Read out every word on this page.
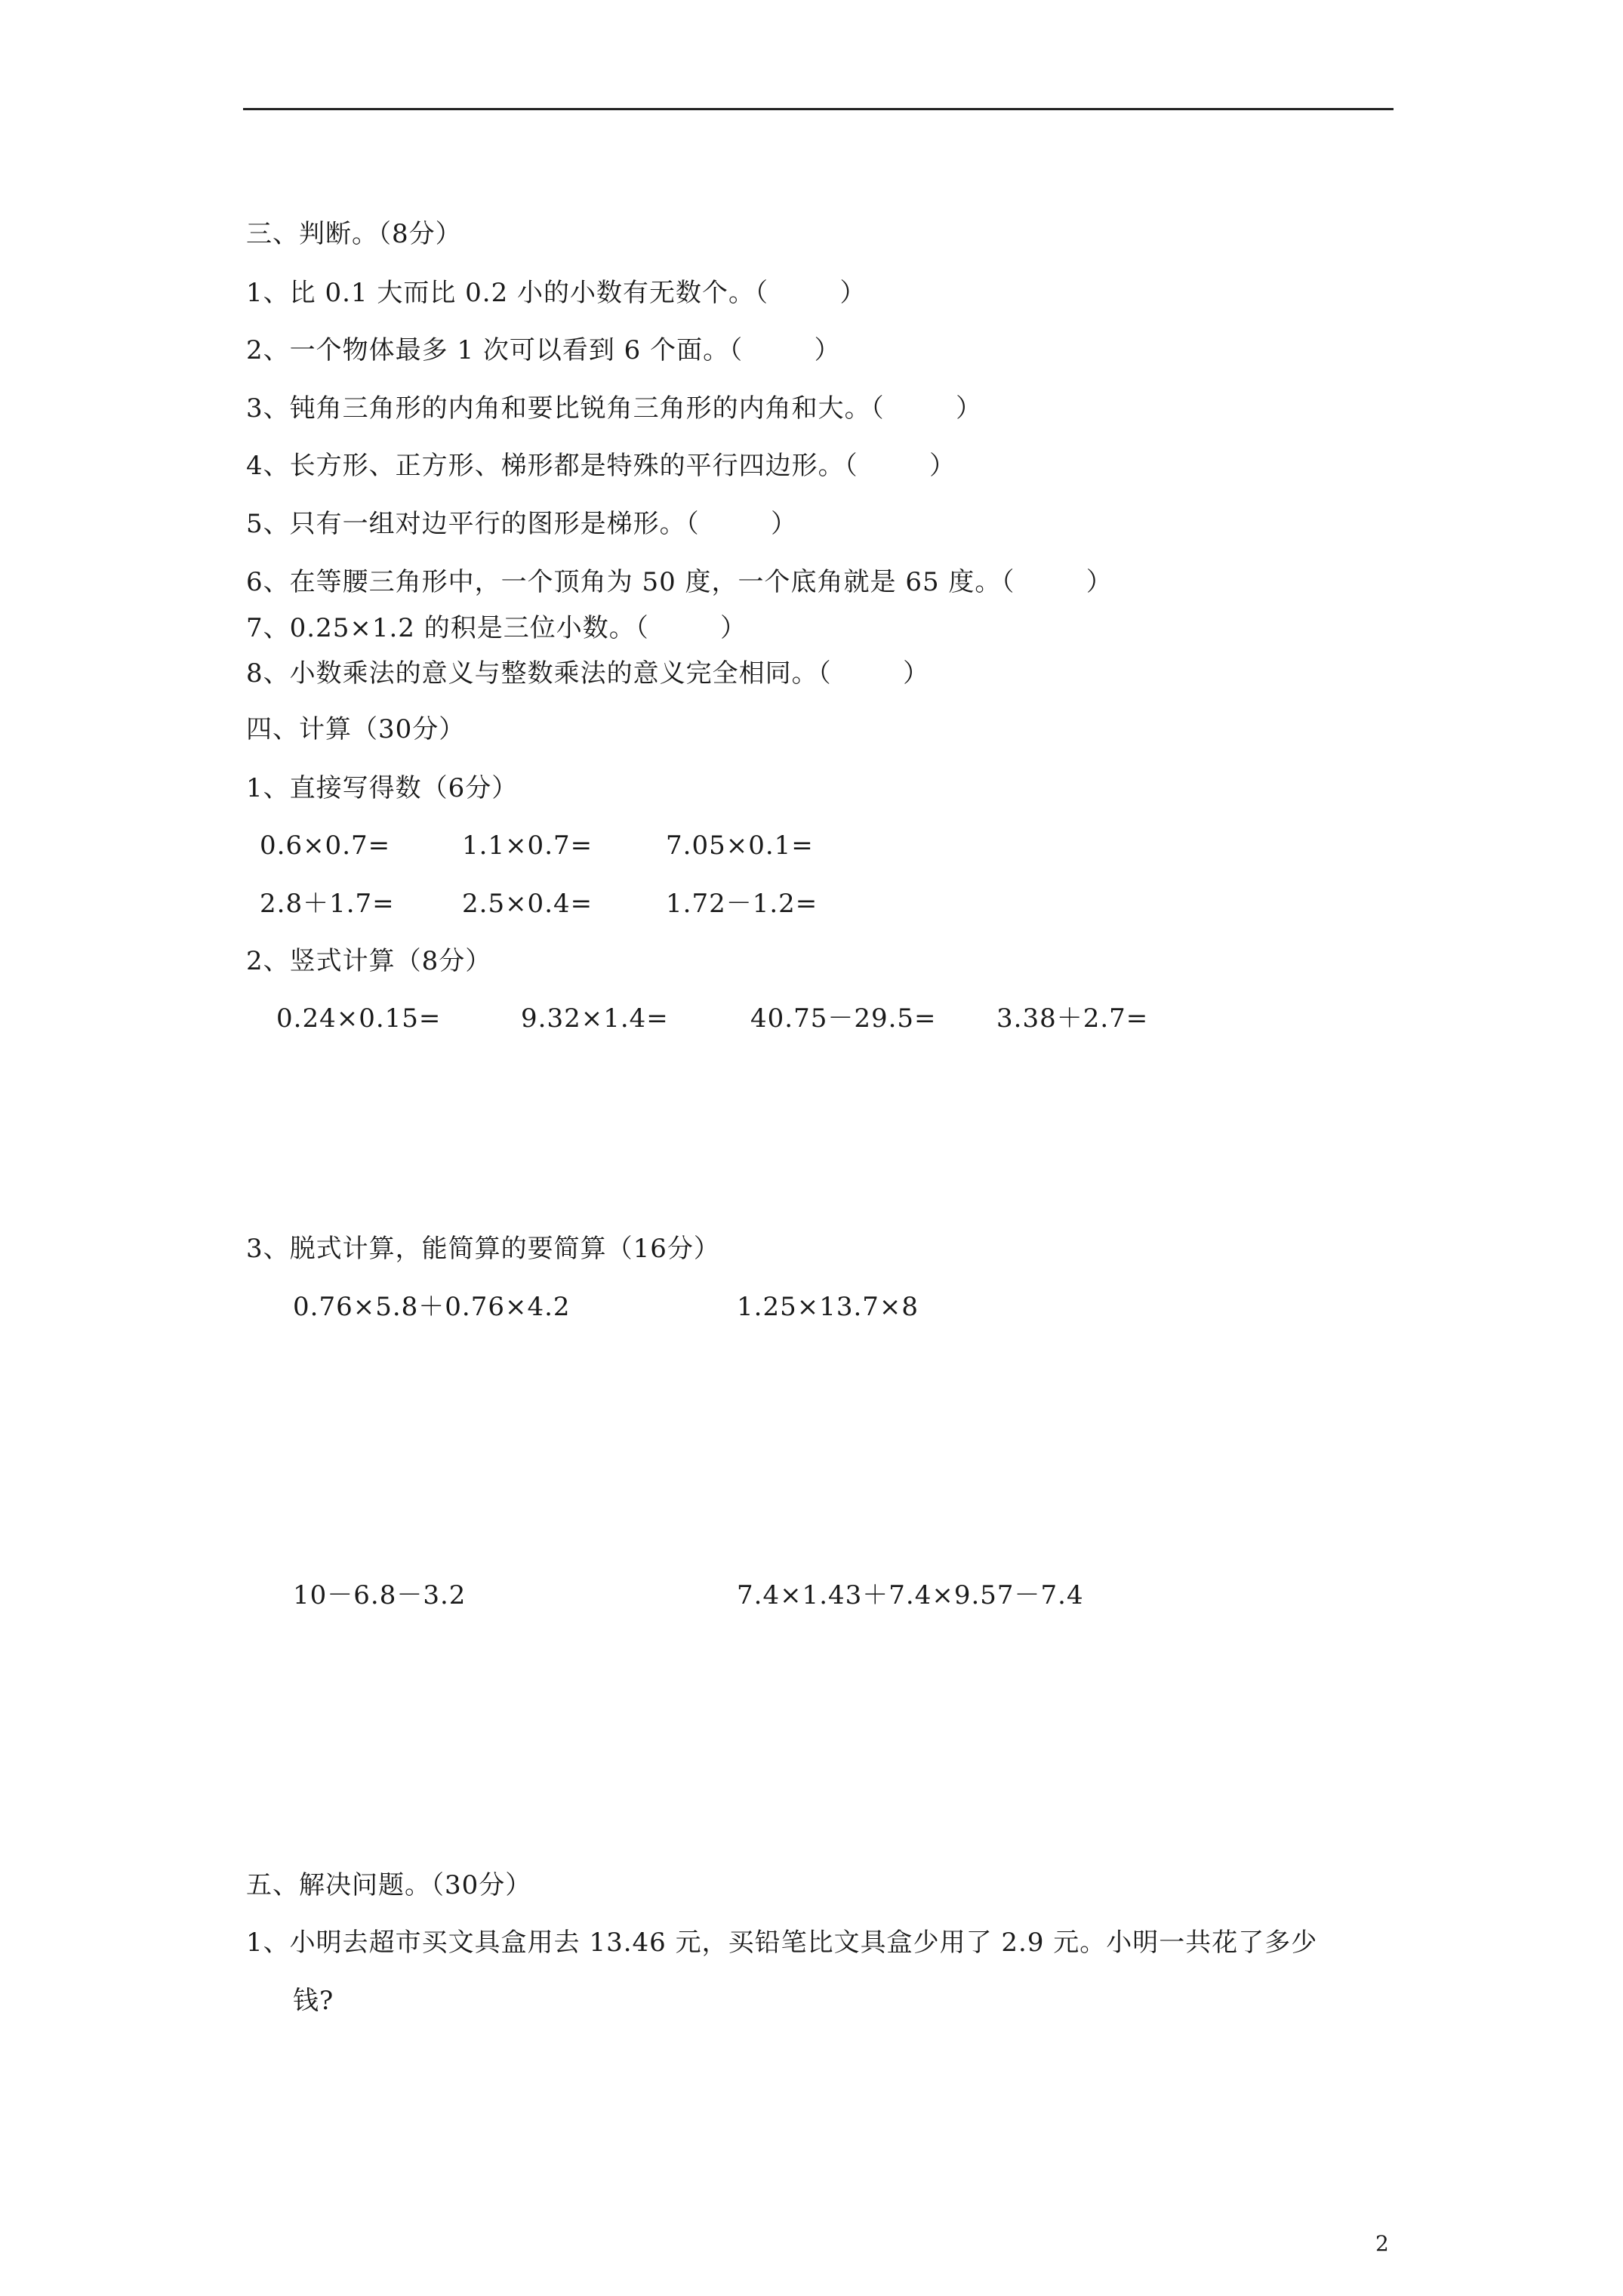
三、判断。（8分）
1、比 0.1 大而比 0.2 小的小数有无数个。（        ）
2、一个物体最多 1 次可以看到 6 个面。（        ）
3、钝角三角形的内角和要比锐角三角形的内角和大。（        ）
4、长方形、正方形、梯形都是特殊的平行四边形。（        ）
5、只有一组对边平行的图形是梯形。（        ）
6、在等腰三角形中，一个顶角为 50 度，一个底角就是 65 度。（        ）
7、0.25×1.2 的积是三位小数。（        ）
8、小数乘法的意义与整数乘法的意义完全相同。（        ）
四、计算（30分）
1、直接写得数（6分）
0.6×0.7=	1.1×0.7=	7.05×0.1=
2.8＋1.7=	2.5×0.4=	1.72－1.2=
2、竖式计算（8分）
0.24×0.15=	9.32×1.4=	40.75－29.5= 3.38＋2.7=
3、脱式计算，能简算的要简算（16分）
0.76×5.8＋0.76×4.2	1.25×13.7×8
10－6.8－3.2	7.4×1.43＋7.4×9.57－7.4
五、解决问题。（30分）
1、小明去超市买文具盒用去 13.46 元，买铅笔比文具盒少用了 2.9 元。小明一共花了多少
钱?
2
